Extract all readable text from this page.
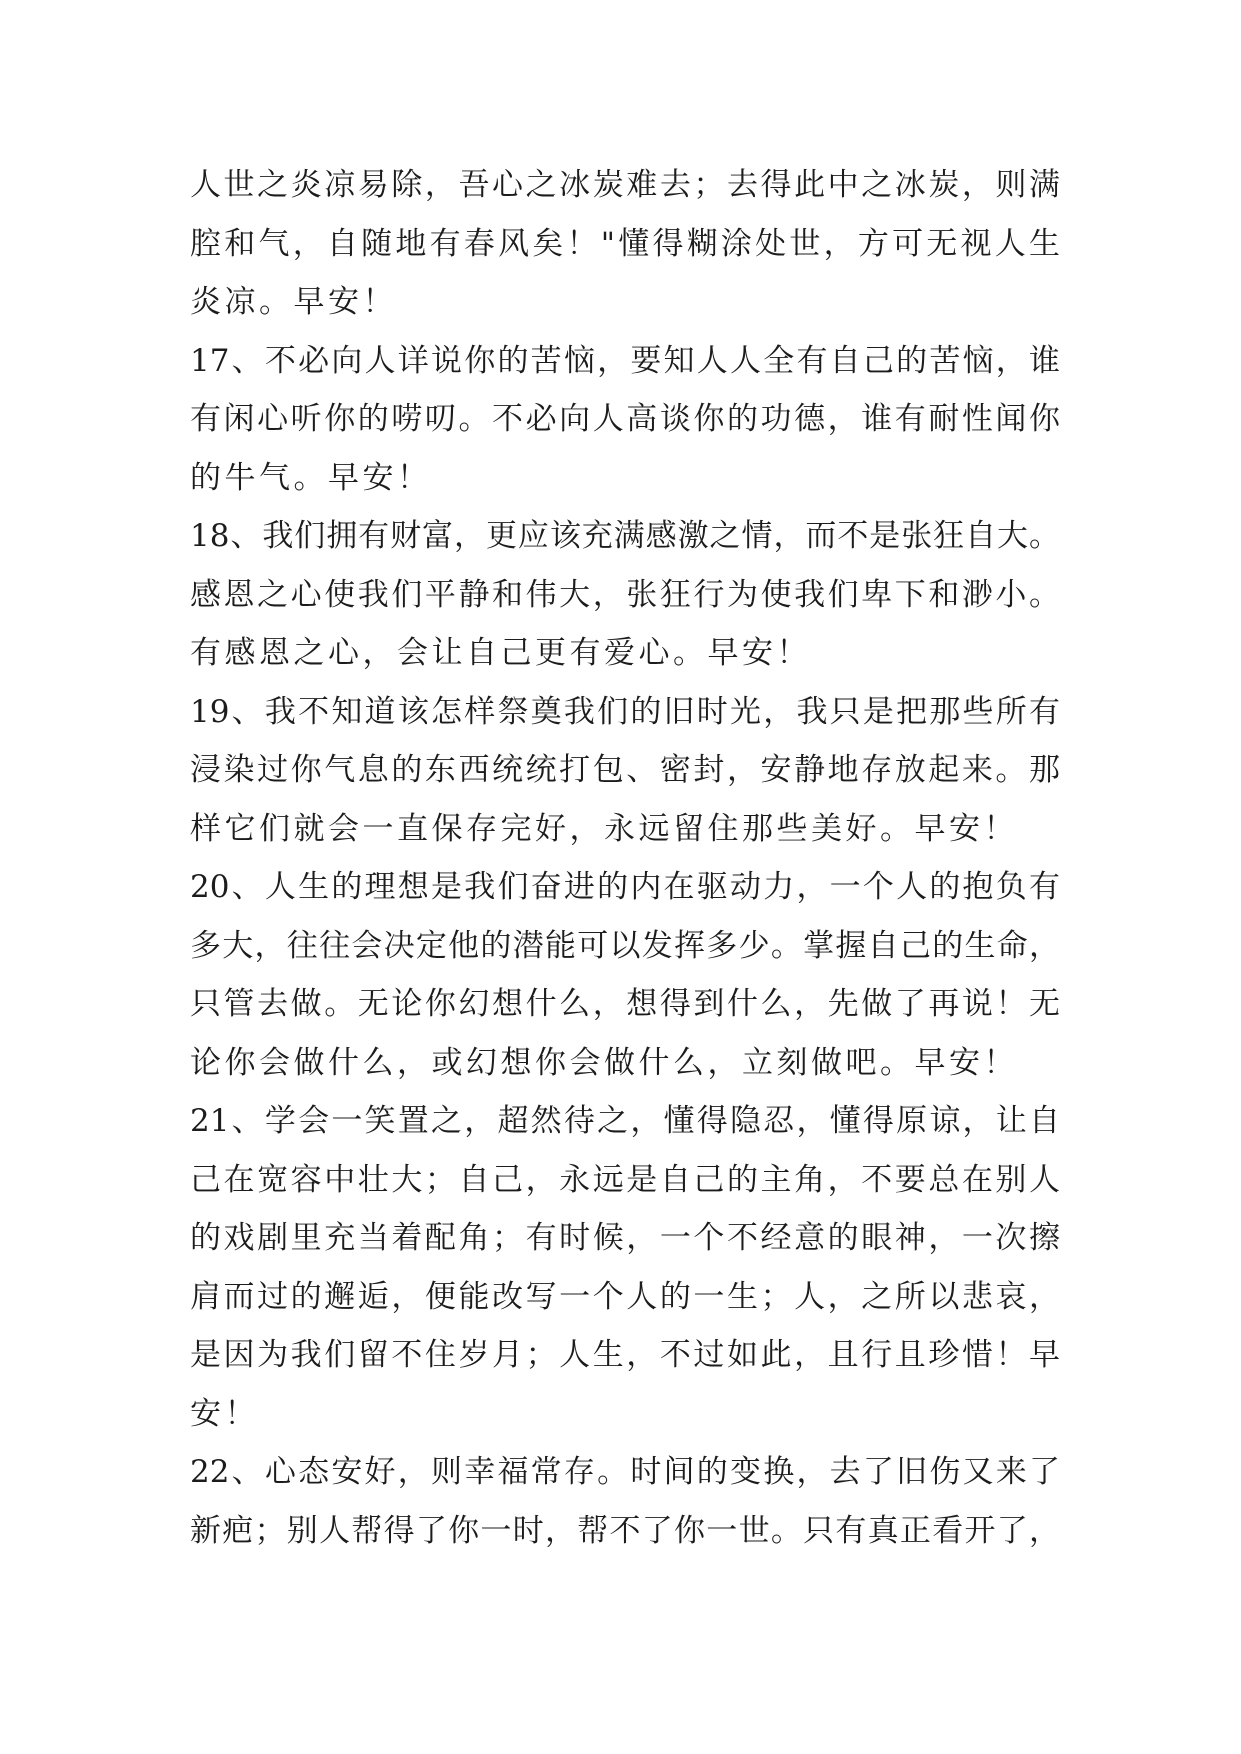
人世之炎凉易除，吾心之冰炭难去；去得此中之冰炭，则满
腔和气，自随地有春风矣！"懂得糊涂处世，方可无视人生
炎凉。早安！
17、不必向人详说你的苦恼，要知人人全有自己的苦恼，谁
有闲心听你的唠叨。不必向人高谈你的功德，谁有耐性闻你
的牛气。早安！
18、我们拥有财富，更应该充满感激之情，而不是张狂自大。
感恩之心使我们平静和伟大，张狂行为使我们卑下和渺小。
有感恩之心，会让自己更有爱心。早安！
19、我不知道该怎样祭奠我们的旧时光，我只是把那些所有
浸染过你气息的东西统统打包、密封，安静地存放起来。那
样它们就会一直保存完好，永远留住那些美好。早安！
20、人生的理想是我们奋进的内在驱动力，一个人的抱负有
多大，往往会决定他的潜能可以发挥多少。掌握自己的生命，
只管去做。无论你幻想什么，想得到什么，先做了再说！无
论你会做什么，或幻想你会做什么，立刻做吧。早安！
21、学会一笑置之，超然待之，懂得隐忍，懂得原谅，让自
己在宽容中壮大；自己，永远是自己的主角，不要总在别人
的戏剧里充当着配角；有时候，一个不经意的眼神，一次擦
肩而过的邂逅，便能改写一个人的一生；人，之所以悲哀，
是因为我们留不住岁月；人生，不过如此，且行且珍惜！早
安！
22、心态安好，则幸福常存。时间的变换，去了旧伤又来了
新疤；别人帮得了你一时，帮不了你一世。只有真正看开了，
